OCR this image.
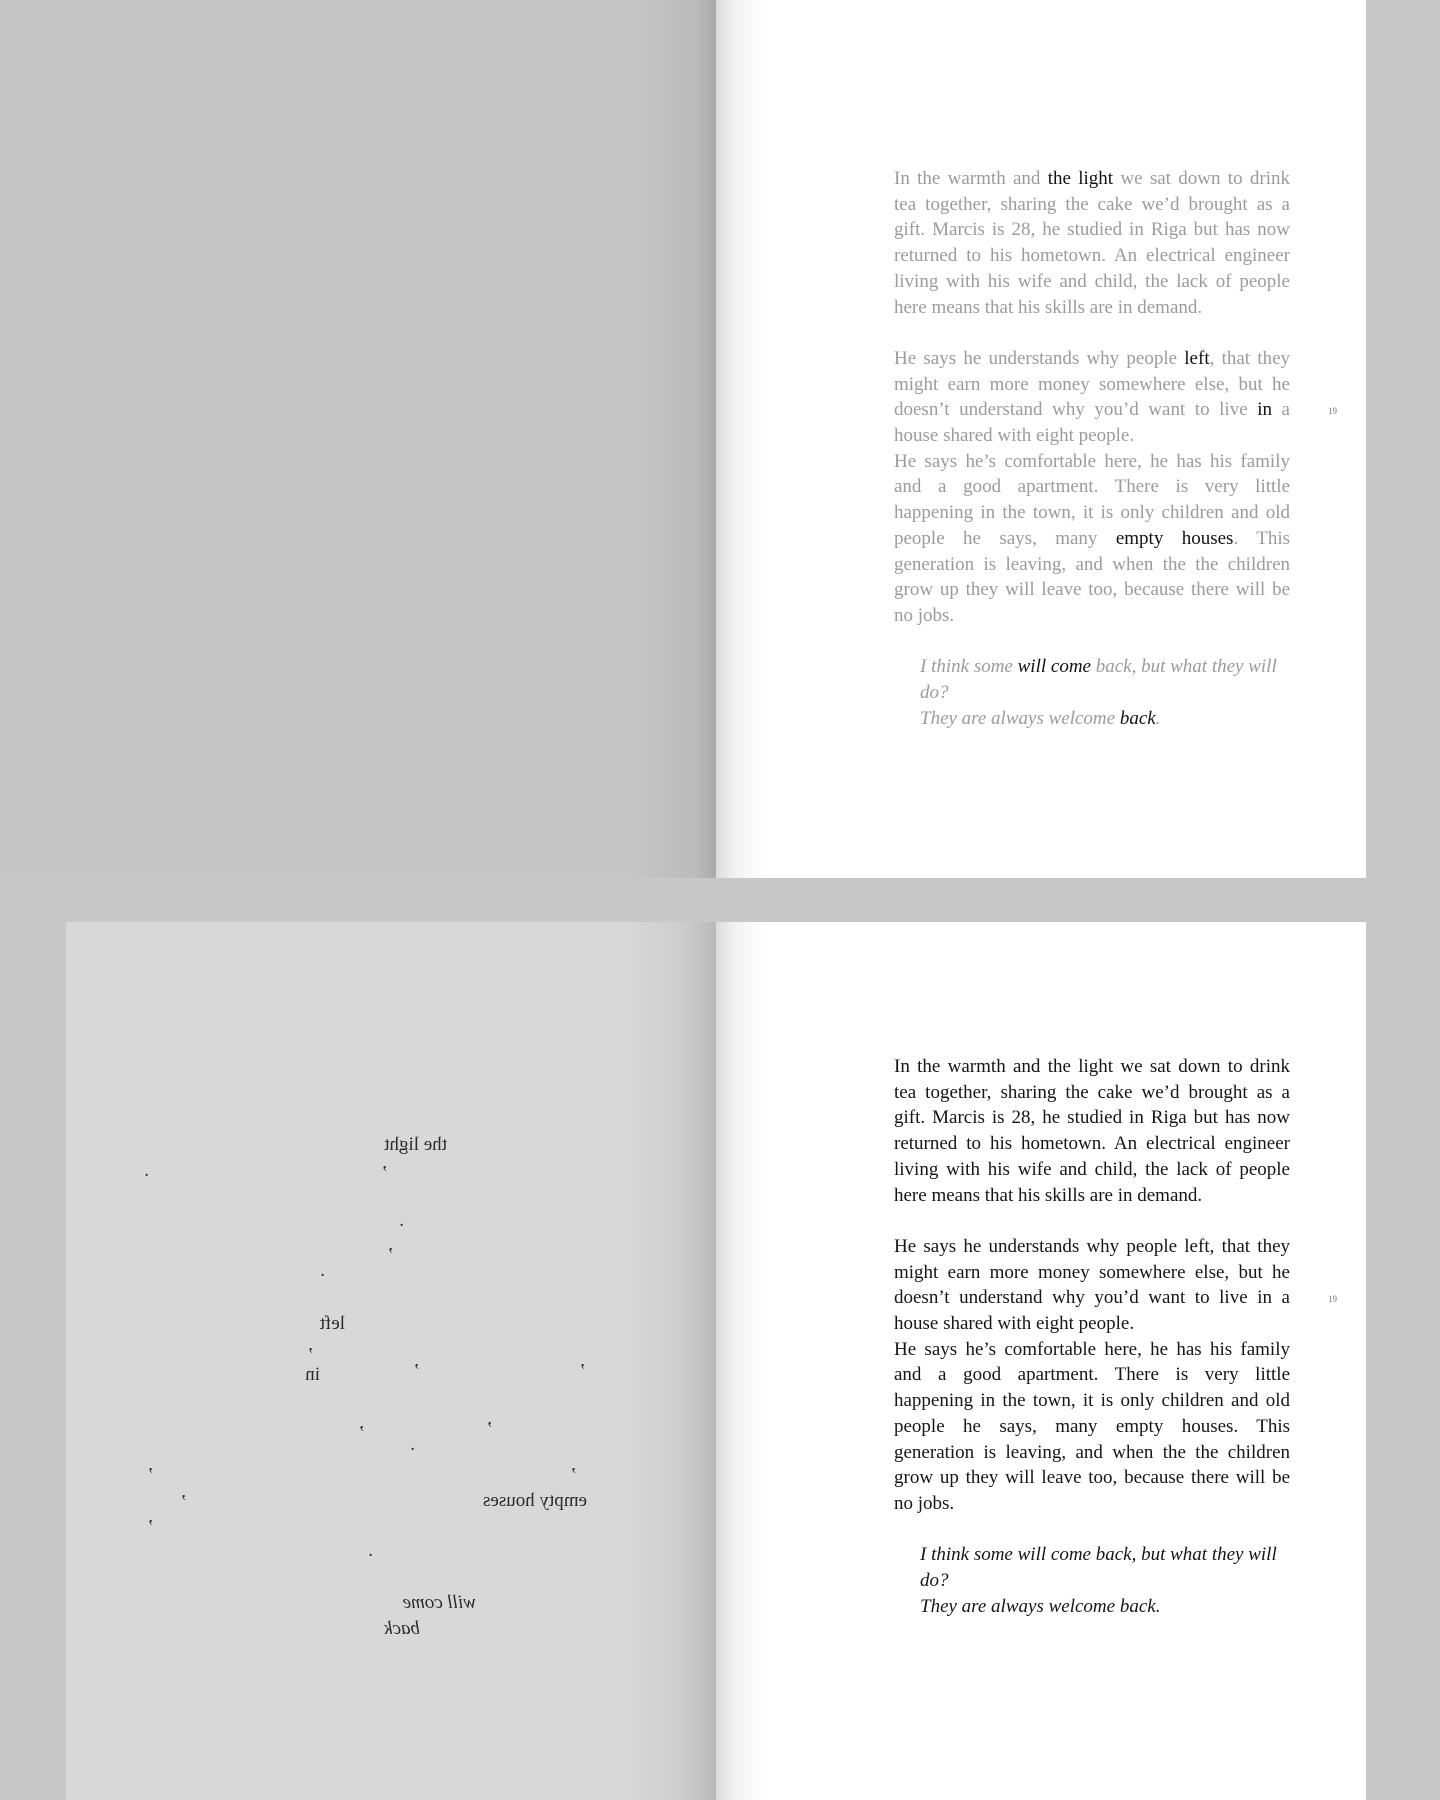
In the warmth and the light we sat down to drink tea together, sharing the cake we’d brought as a gift. Marcis is 28, he studied in Riga but has now returned to his hometown. An electrical engineer living with his wife and child, the lack of people here means that his skills are in demand.

He says he understands why people left, that they might earn more money somewhere else, but he doesn’t understand why you’d want to live in a house shared with eight people.

He says he’s comfortable here, he has his family and a good apartment. There is very little happening in the town, it is only children and old people he says, many empty houses. This generation is leaving, and when the the children grow up they will leave too, because there will be no jobs.

I think some will come back, but what they will do?
They are always welcome back.

19
the light
,
.
.
,
.
left
,
in
,	,
,
,
.
,
,
empty houses
,
,
.
will come
back

In the warmth and the light we sat down to drink tea together, sharing the cake we’d brought as a gift. Marcis is 28, he studied in Riga but has now returned to his hometown. An electrical engineer living with his wife and child, the lack of people here means that his skills are in demand.

He says he understands why people left, that they might earn more money somewhere else, but he doesn’t understand why you’d want to live in a house shared with eight people.

He says he’s comfortable here, he has his family and a good apartment. There is very little happening in the town, it is only children and old people he says, many empty houses. This generation is leaving, and when the the children grow up they will leave too, because there will be no jobs.

I think some will come back, but what they will do?
They are always welcome back.

19
